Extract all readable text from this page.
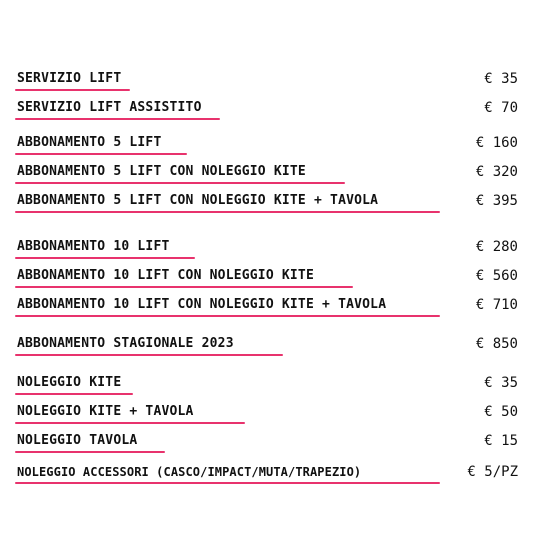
SERVIZIO LIFT	€ 35
SERVIZIO LIFT ASSISTITO	€ 70
ABBONAMENTO 5 LIFT	€ 160
ABBONAMENTO 5 LIFT CON NOLEGGIO KITE	€ 320
ABBONAMENTO 5 LIFT CON NOLEGGIO KITE + TAVOLA	€ 395
ABBONAMENTO 10 LIFT	€ 280
ABBONAMENTO 10 LIFT CON NOLEGGIO KITE	€ 560
ABBONAMENTO 10 LIFT CON NOLEGGIO KITE + TAVOLA	€ 710
ABBONAMENTO STAGIONALE 2023	€ 850
NOLEGGIO KITE	€ 35
NOLEGGIO KITE + TAVOLA	€ 50
NOLEGGIO TAVOLA	€ 15
NOLEGGIO ACCESSORI (CASCO/IMPACT/MUTA/TRAPEZIO)	€ 5/PZ
